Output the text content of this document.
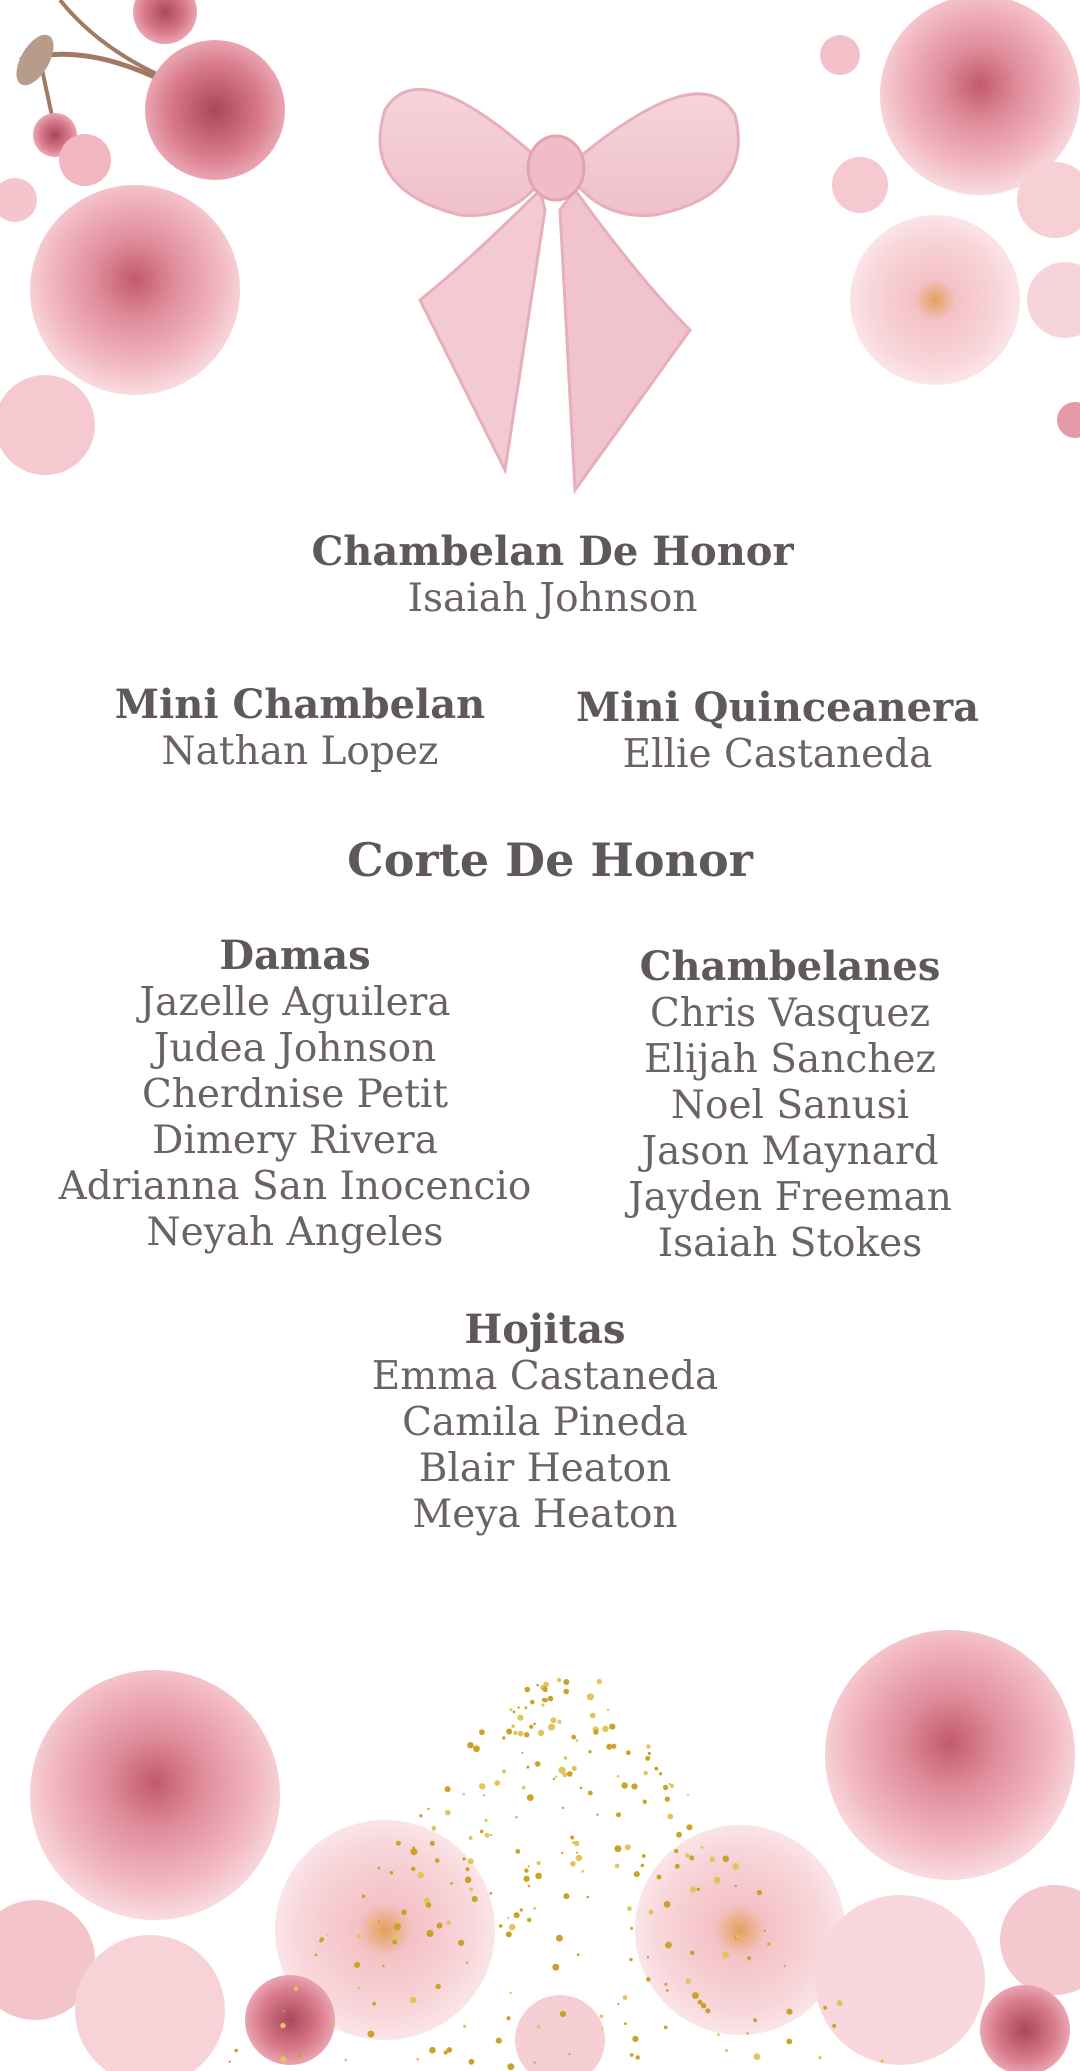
Chambelan De Honor
Isaiah Johnson
Mini Chambelan
Nathan Lopez
Mini Quinceanera
Ellie Castaneda
Corte De Honor
Damas
Jazelle Aguilera
Judea Johnson
Cherdnise Petit
Dimery Rivera
Adrianna San Inocencio
Neyah Angeles
Chambelanes
Chris Vasquez
Elijah Sanchez
Noel Sanusi
Jason Maynard
Jayden Freeman
Isaiah Stokes
Hojitas
Emma Castaneda
Camila Pineda
Blair Heaton
Meya Heaton
